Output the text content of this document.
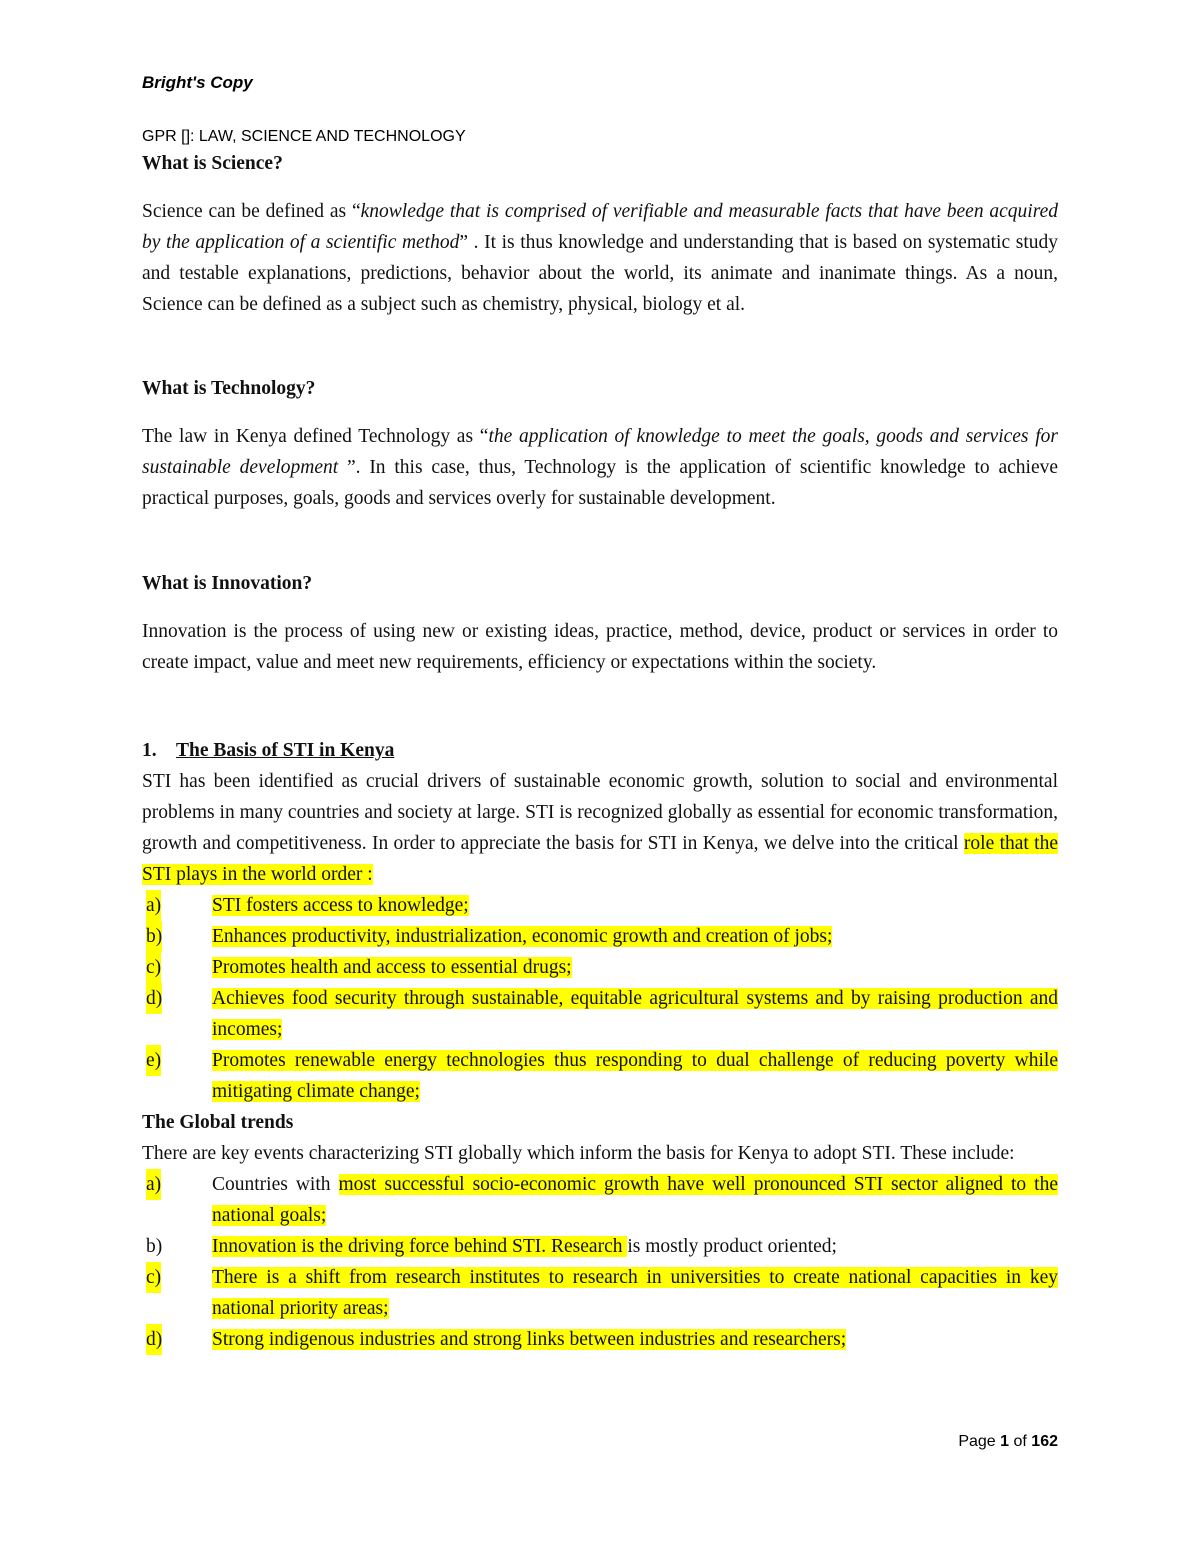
Bright's Copy
GPR []: LAW, SCIENCE AND TECHNOLOGY
What is Science?
Science can be defined as “knowledge that is comprised of verifiable and measurable facts that have been acquired by the application of a scientific method” . It is thus knowledge and understanding that is based on systematic study and testable explanations, predictions, behavior about the world, its animate and inanimate things. As a noun, Science can be defined as a subject such as chemistry, physical, biology et al.
What is Technology?
The law in Kenya defined Technology as “the application of knowledge to meet the goals, goods and services for sustainable development ”. In this case, thus, Technology is the application of scientific knowledge to achieve practical purposes, goals, goods and services overly for sustainable development.
What is Innovation?
Innovation is the process of using new or existing ideas, practice, method, device, product or services in order to create impact, value and meet new requirements, efficiency or expectations within the society.
1. The Basis of STI in Kenya
STI has been identified as crucial drivers of sustainable economic growth, solution to social and environmental problems in many countries and society at large. STI is recognized globally as essential for economic transformation, growth and competitiveness. In order to appreciate the basis for STI in Kenya, we delve into the critical role that the STI plays in the world order :
a)	STI fosters access to knowledge;
b)	Enhances productivity, industrialization, economic growth and creation of jobs;
c)	Promotes health and access to essential drugs;
d)	Achieves food security through sustainable, equitable agricultural systems and by raising production and incomes;
e)	Promotes renewable energy technologies thus responding to dual challenge of reducing poverty while mitigating climate change;
The Global trends
There are key events characterizing STI globally which inform the basis for Kenya to adopt STI. These include:
a)	Countries with most successful socio-economic growth have well pronounced STI sector aligned to the national goals;
b)	Innovation is the driving force behind STI. Research is mostly product oriented;
c)	There is a shift from research institutes to research in universities to create national capacities in key national priority areas;
d)	Strong indigenous industries and strong links between industries and researchers;
Page 1 of 162
